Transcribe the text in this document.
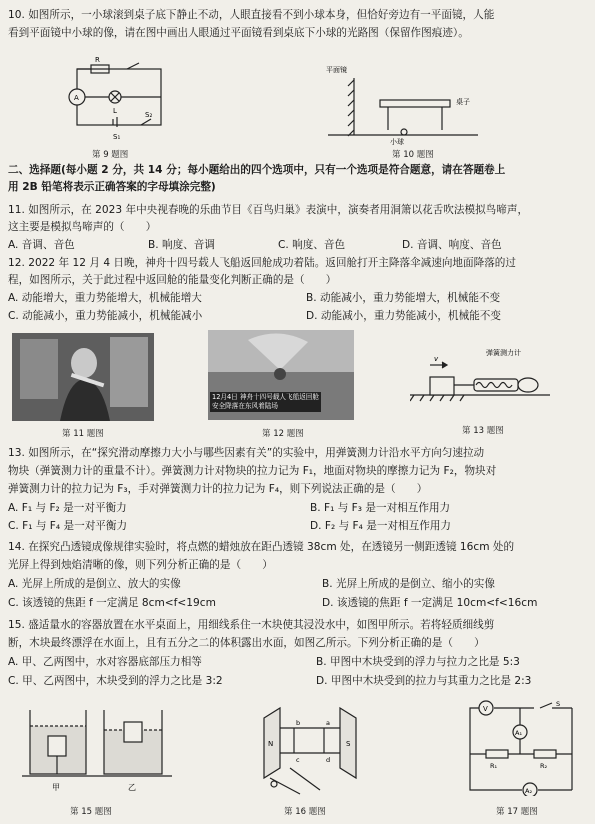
10. 如图所示，一小球滚到桌子底下静止不动，人眼直接看不到小球本身，但恰好旁边有一平面镜，人能
看到平面镜中小球的像，请在图中画出人眼通过平面镜看到桌底下小球的光路图（保留作图痕迹）。
R
A
L	S₂
S₁
第 9 题图
平面镜
桌子
小球
第 10 题图
二、选择题(每小题 2 分，共 14 分；每小题给出的四个选项中，只有一个选项是符合题意，请在答题卷上
用 2B 铅笔将表示正确答案的字母填涂完整)
11. 如图所示，在 2023 年中央视春晚的乐曲节目《百鸟归巢》表演中，演奏者用洞箫以花舌吹法模拟鸟啼声，
这主要是模拟鸟啼声的（　　）
A. 音调、音色	B. 响度、音调	C. 响度、音色	D. 音调、响度、音色
12. 2022 年 12 月 4 日晚，神舟十四号载人飞船返回舱成功着陆。返回舱打开主降落伞减速向地面降落的过
程，如图所示，关于此过程中返回舱的能量变化判断正确的是（　　）
A. 动能增大，重力势能增大，机械能增大	B. 动能减小，重力势能增大，机械能不变
C. 动能减小，重力势能减小，机械能减小	D. 动能减小，重力势能减小，机械能不变
第 11 题图
12月4日 神舟十四号载人飞船返回舱
安全降落在东风着陆场
第 12 题图
v
弹簧测力计
第 13 题图
13. 如图所示，在“探究滑动摩擦力大小与哪些因素有关”的实验中，用弹簧测力计沿水平方向匀速拉动
物块（弹簧测力计的重量不计）。弹簧测力计对物块的拉力记为 F₁，地面对物块的摩擦力记为 F₂，物块对
弹簧测力计的拉力记为 F₃，手对弹簧测力计的拉力记为 F₄，则下列说法正确的是（　　）
A. F₁ 与 F₂ 是一对平衡力	B. F₁ 与 F₃ 是一对相互作用力
C. F₁ 与 F₄ 是一对平衡力	D. F₂ 与 F₄ 是一对相互作用力
14. 在探究凸透镜成像规律实验时，将点燃的蜡烛放在距凸透镜 38cm 处，在透镜另一侧距透镜 16cm 处的
光屏上得到烛焰清晰的像，则下列分析正确的是（　　）
A. 光屏上所成的是倒立、放大的实像	B. 光屏上所成的是倒立、缩小的实像
C. 该透镜的焦距 f 一定满足 8cm<f<19cm	D. 该透镜的焦距 f 一定满足 10cm<f<16cm
15. 盛适量水的容器放置在水平桌面上，用细线系住一木块使其浸没水中，如图甲所示。若将轻质细线剪
断，木块最终漂浮在水面上，且有五分之二的体积露出水面，如图乙所示。下列分析正确的是（　　）
A. 甲、乙两图中，水对容器底部压力相等	B. 甲图中木块受到的浮力与拉力之比是 5:3
C. 甲、乙两图中，木块受到的浮力之比是 3:2	D. 甲图中木块受到的拉力与其重力之比是 2:3
甲	乙
第 15 题图
N	S
b	a
c	d
第 16 题图
V
A₁
A₂
R₁	R₂
S
第 17 题图
